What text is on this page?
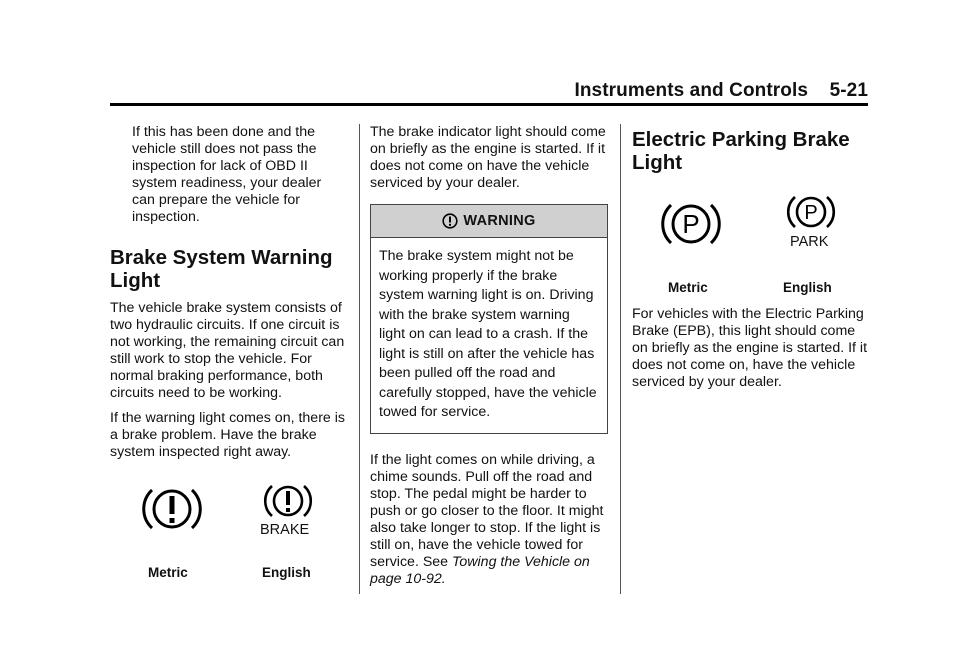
Instruments and Controls 5-21

If this has been done and the vehicle still does not pass the inspection for lack of OBD II system readiness, your dealer can prepare the vehicle for inspection.

Brake System Warning Light

The vehicle brake system consists of two hydraulic circuits. If one circuit is not working, the remaining circuit can still work to stop the vehicle. For normal braking performance, both circuits need to be working.

If the warning light comes on, there is a brake problem. Have the brake system inspected right away.

BRAKE
Metric	English

The brake indicator light should come on briefly as the engine is started. If it does not come on have the vehicle serviced by your dealer.

WARNING
The brake system might not be working properly if the brake system warning light is on. Driving with the brake system warning light on can lead to a crash. If the light is still on after the vehicle has been pulled off the road and carefully stopped, have the vehicle towed for service.

If the light comes on while driving, a chime sounds. Pull off the road and stop. The pedal might be harder to push or go closer to the floor. It might also take longer to stop. If the light is still on, have the vehicle towed for service. See Towing the Vehicle on page 10-92.

Electric Parking Brake Light
P	P
PARK
Metric	English

For vehicles with the Electric Parking Brake (EPB), this light should come on briefly as the engine is started. If it does not come on, have the vehicle serviced by your dealer.
